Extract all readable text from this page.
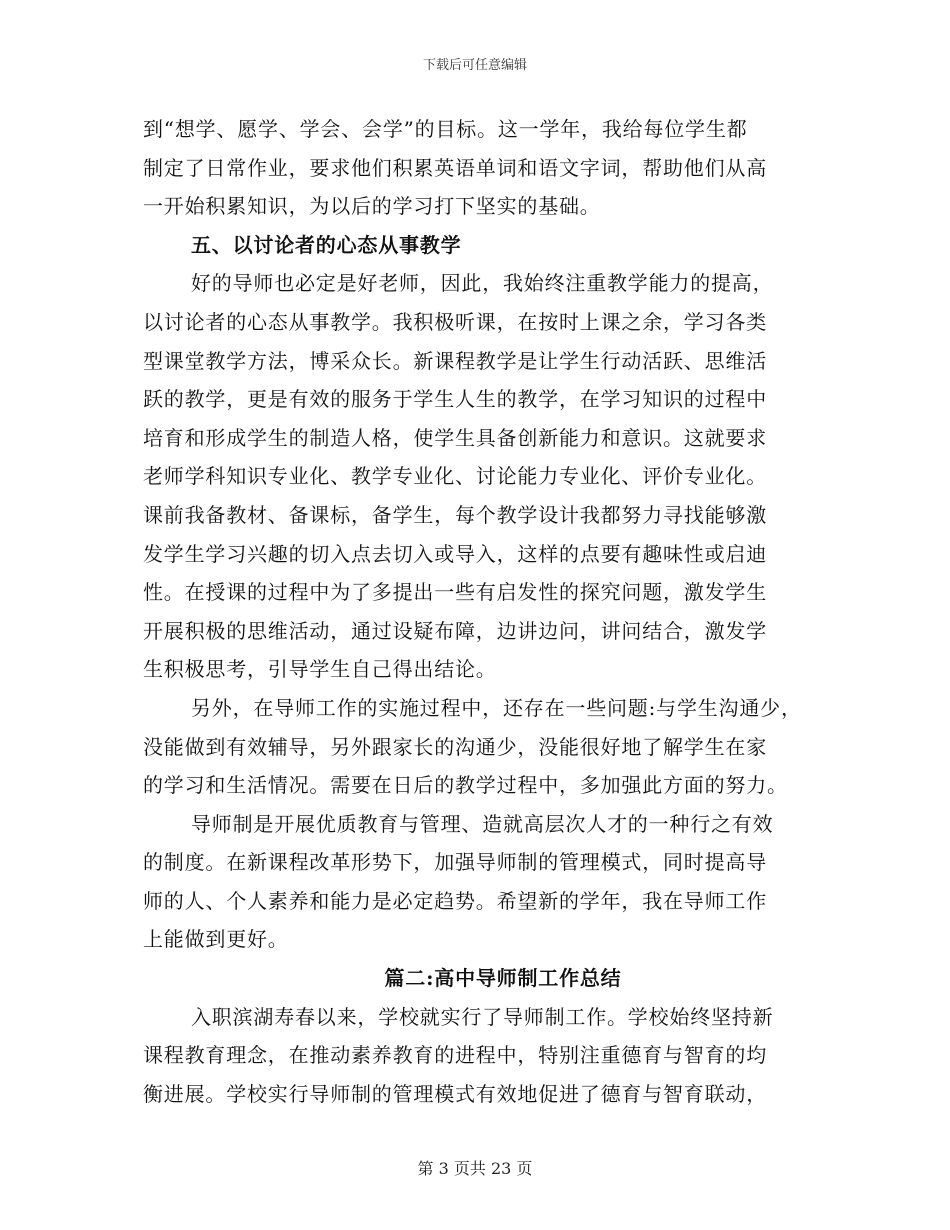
下载后可任意编辑
到“想学、愿学、学会、会学”的目标。这一学年，我给每位学生都
制定了日常作业，要求他们积累英语单词和语文字词，帮助他们从高
一开始积累知识，为以后的学习打下坚实的基础。
五、以讨论者的心态从事教学
好的导师也必定是好老师，因此，我始终注重教学能力的提高，
以讨论者的心态从事教学。我积极听课，在按时上课之余，学习各类
型课堂教学方法，博采众长。新课程教学是让学生行动活跃、思维活
跃的教学，更是有效的服务于学生人生的教学，在学习知识的过程中
培育和形成学生的制造人格，使学生具备创新能力和意识。这就要求
老师学科知识专业化、教学专业化、讨论能力专业化、评价专业化。
课前我备教材、备课标，备学生，每个教学设计我都努力寻找能够激
发学生学习兴趣的切入点去切入或导入，这样的点要有趣味性或启迪
性。在授课的过程中为了多提出一些有启发性的探究问题，激发学生
开展积极的思维活动，通过设疑布障，边讲边问，讲问结合，激发学
生积极思考，引导学生自己得出结论。
另外，在导师工作的实施过程中，还存在一些问题:与学生沟通少，
没能做到有效辅导，另外跟家长的沟通少，没能很好地了解学生在家
的学习和生活情况。需要在日后的教学过程中，多加强此方面的努力。
导师制是开展优质教育与管理、造就高层次人才的一种行之有效
的制度。在新课程改革形势下，加强导师制的管理模式，同时提高导
师的人、个人素养和能力是必定趋势。希望新的学年，我在导师工作
上能做到更好。
篇二:高中导师制工作总结
入职滨湖寿春以来，学校就实行了导师制工作。学校始终坚持新
课程教育理念，在推动素养教育的进程中，特别注重德育与智育的均
衡进展。学校实行导师制的管理模式有效地促进了德育与智育联动，
第 3 页共 23 页
